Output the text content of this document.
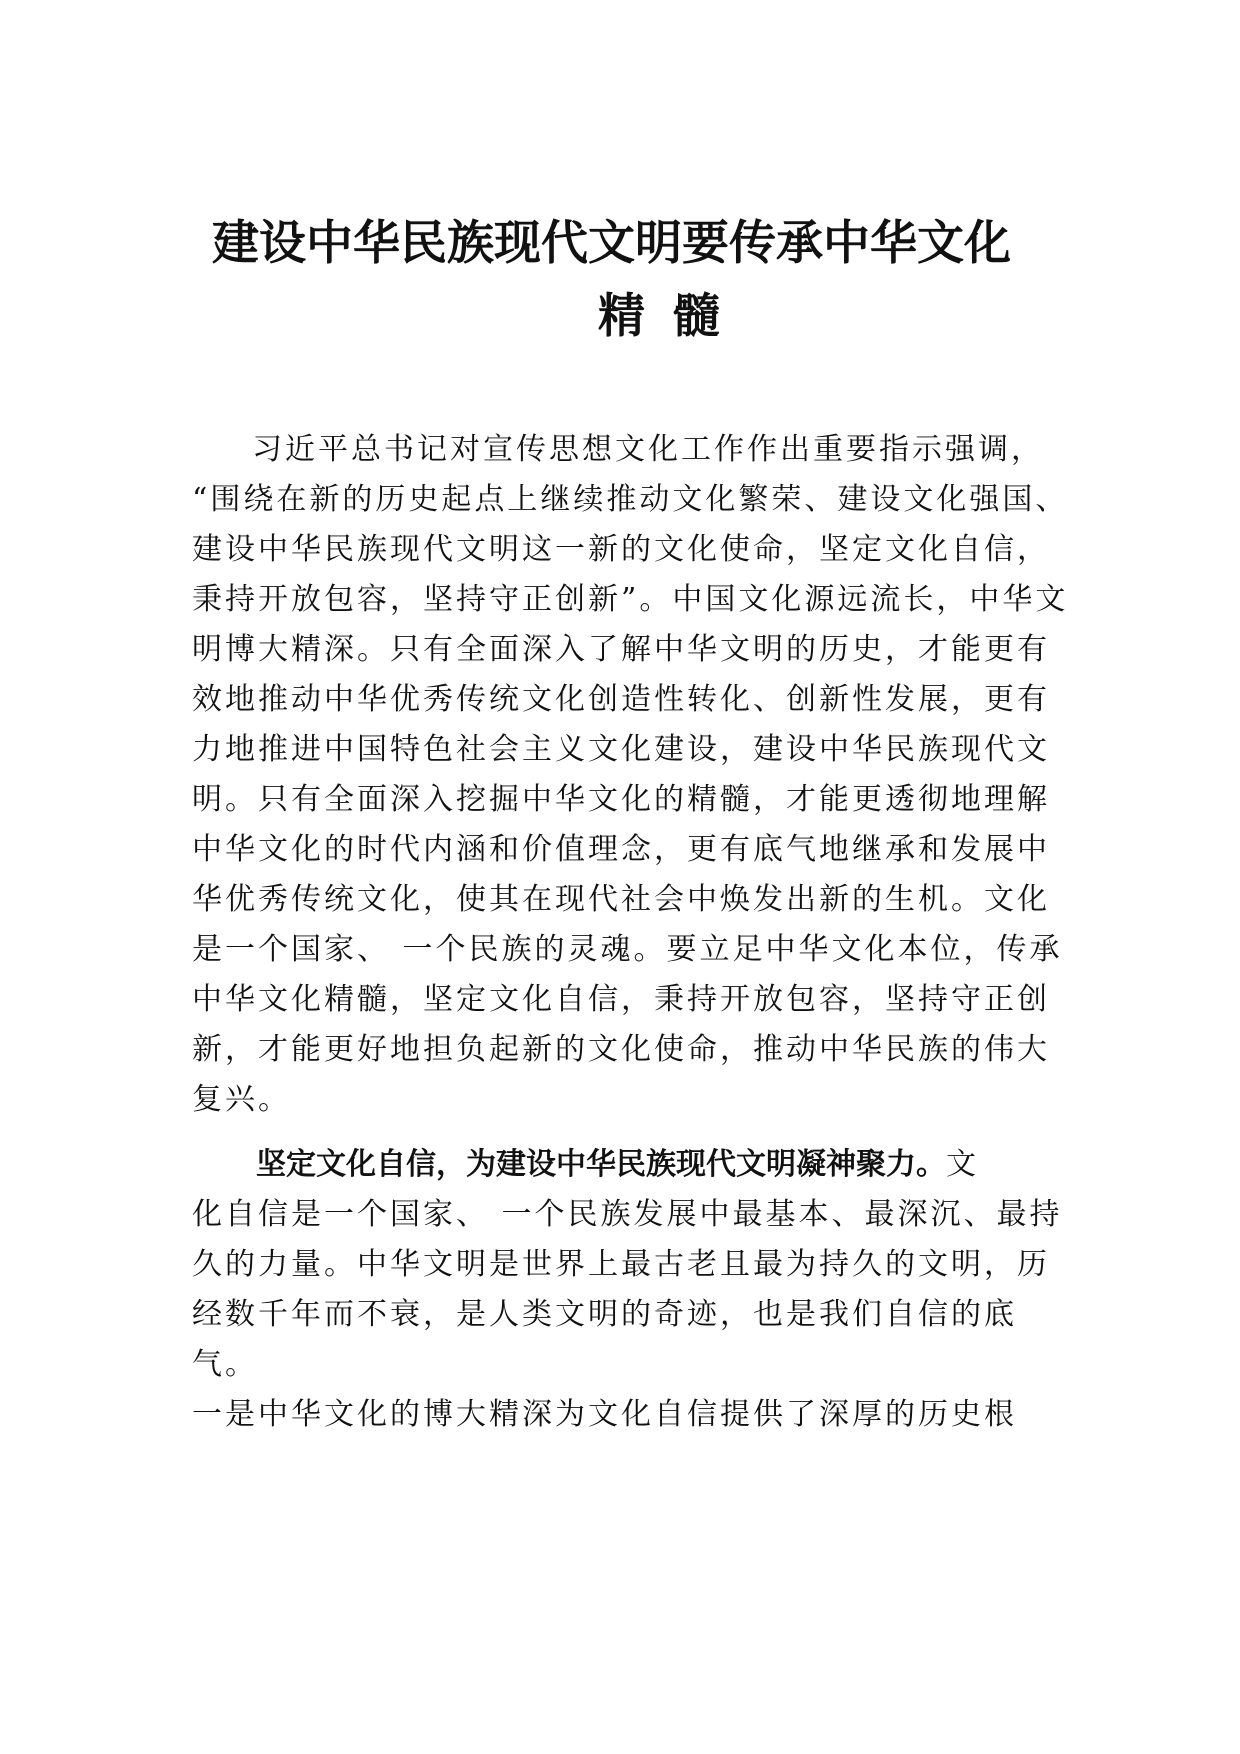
建设中华民族现代文明要传承中华文化
精髓
习近平总书记对宣传思想文化工作作出重要指示强调，
“围绕在新的历史起点上继续推动文化繁荣、建设文化强国、
建设中华民族现代文明这一新的文化使命，坚定文化自信，
秉持开放包容，坚持守正创新”。中国文化源远流长，中华文
明博大精深。只有全面深入了解中华文明的历史，才能更有
效地推动中华优秀传统文化创造性转化、创新性发展，更有
力地推进中国特色社会主义文化建设，建设中华民族现代文
明。只有全面深入挖掘中华文化的精髓，才能更透彻地理解
中华文化的时代内涵和价值理念，更有底气地继承和发展中
华优秀传统文化，使其在现代社会中焕发出新的生机。文化
是一个国家、 一个民族的灵魂。要立足中华文化本位，传承
中华文化精髓，坚定文化自信，秉持开放包容，坚持守正创
新，才能更好地担负起新的文化使命，推动中华民族的伟大
复兴。
坚定文化自信，为建设中华民族现代文明凝神聚力。文
化自信是一个国家、 一个民族发展中最基本、最深沉、最持
久的力量。中华文明是世界上最古老且最为持久的文明，历
经数千年而不衰，是人类文明的奇迹，也是我们自信的底
气。
一是中华文化的博大精深为文化自信提供了深厚的历史根
